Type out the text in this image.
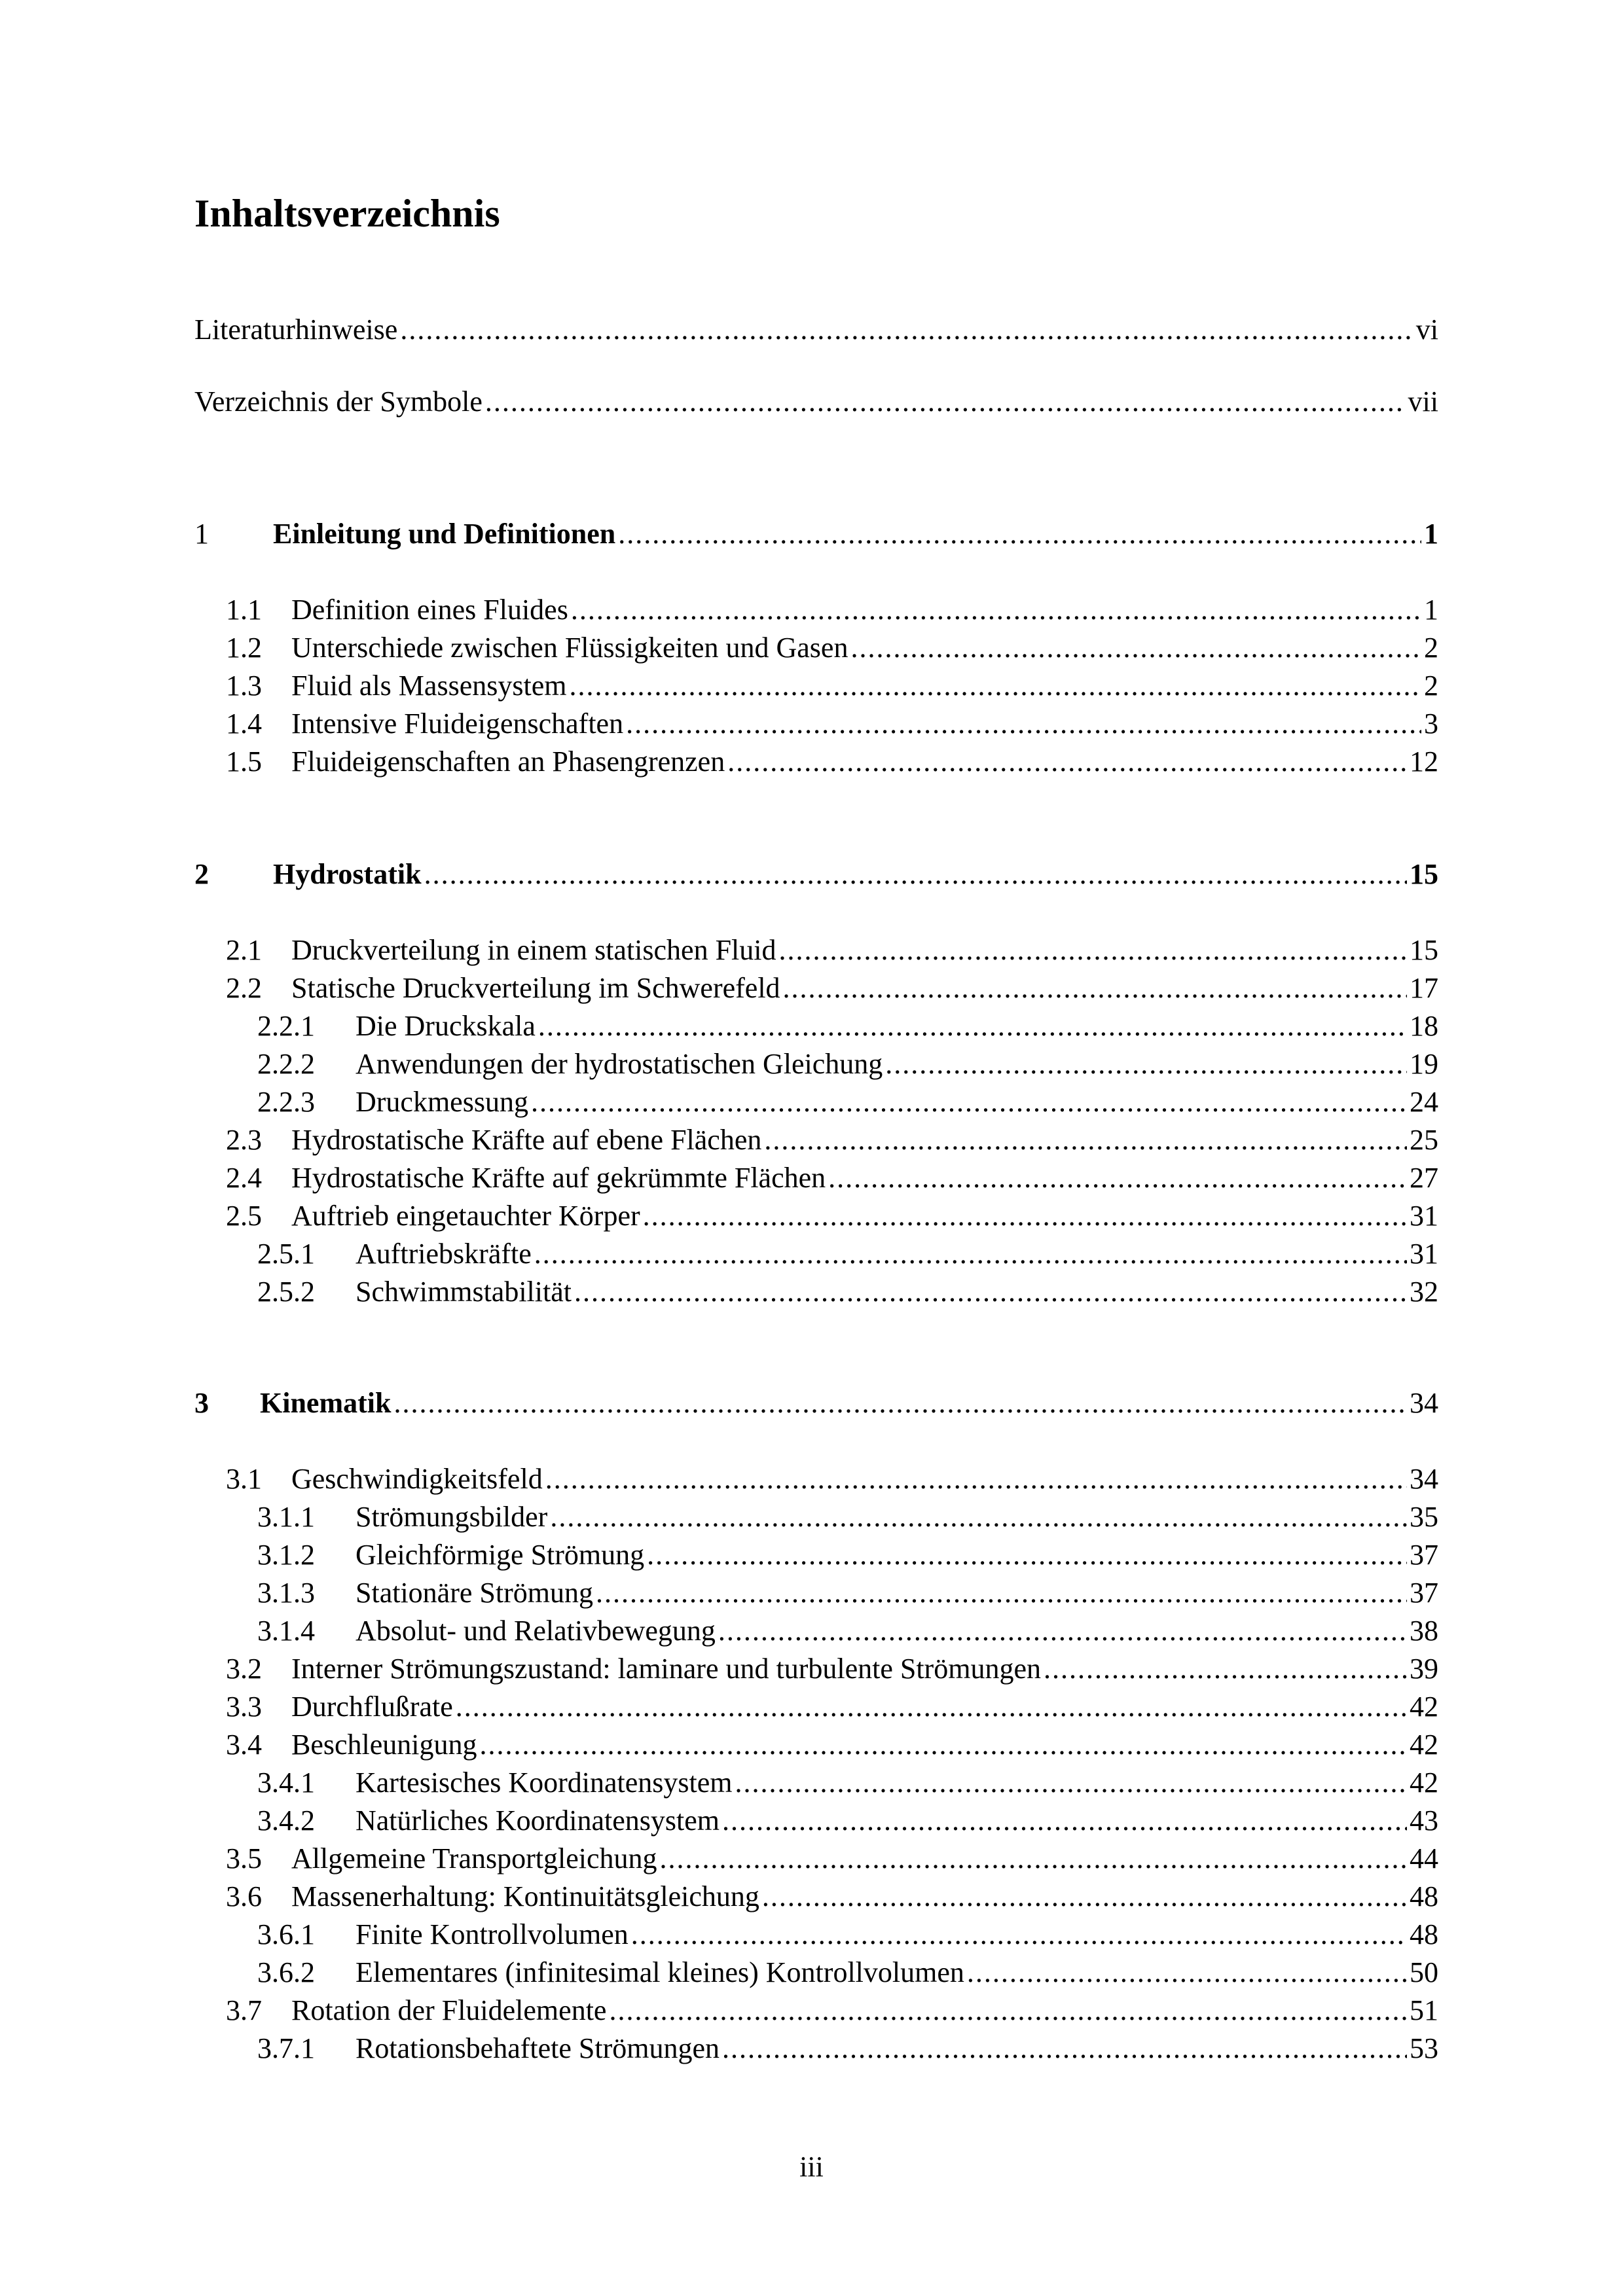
Inhaltsverzeichnis
Literaturhinweise .....	vi
Verzeichnis der Symbole .....	vii
1	Einleitung und Definitionen .....	1
1.1	Definition eines Fluides .....	1
1.2	Unterschiede zwischen Flüssigkeiten und Gasen .....	2
1.3	Fluid als Massensystem .....	2
1.4	Intensive Fluideigenschaften .....	3
1.5	Fluideigenschaften an Phasengrenzen .....	12
2	Hydrostatik .....	15
2.1	Druckverteilung in einem statischen Fluid .....	15
2.2	Statische Druckverteilung im Schwerefeld .....	17
2.2.1	Die Druckskala .....	18
2.2.2	Anwendungen der hydrostatischen Gleichung .....	19
2.2.3	Druckmessung .....	24
2.3	Hydrostatische Kräfte auf ebene Flächen .....	25
2.4	Hydrostatische Kräfte auf gekrümmte Flächen .....	27
2.5	Auftrieb eingetauchter Körper .....	31
2.5.1	Auftriebskräfte .....	31
2.5.2	Schwimmstabilität .....	32
3	Kinematik .....	34
3.1	Geschwindigkeitsfeld .....	34
3.1.1	Strömungsbilder .....	35
3.1.2	Gleichförmige Strömung .....	37
3.1.3	Stationäre Strömung .....	37
3.1.4	Absolut- und Relativbewegung .....	38
3.2	Interner Strömungszustand: laminare und turbulente Strömungen .....	39
3.3	Durchflußrate .....	42
3.4	Beschleunigung .....	42
3.4.1	Kartesisches Koordinatensystem .....	42
3.4.2	Natürliches Koordinatensystem .....	43
3.5	Allgemeine Transportgleichung .....	44
3.6	Massenerhaltung: Kontinuitätsgleichung .....	48
3.6.1	Finite Kontrollvolumen .....	48
3.6.2	Elementares (infinitesimal kleines) Kontrollvolumen .....	50
3.7	Rotation der Fluidelemente .....	51
3.7.1	Rotationsbehaftete Strömungen .....	53
iii
